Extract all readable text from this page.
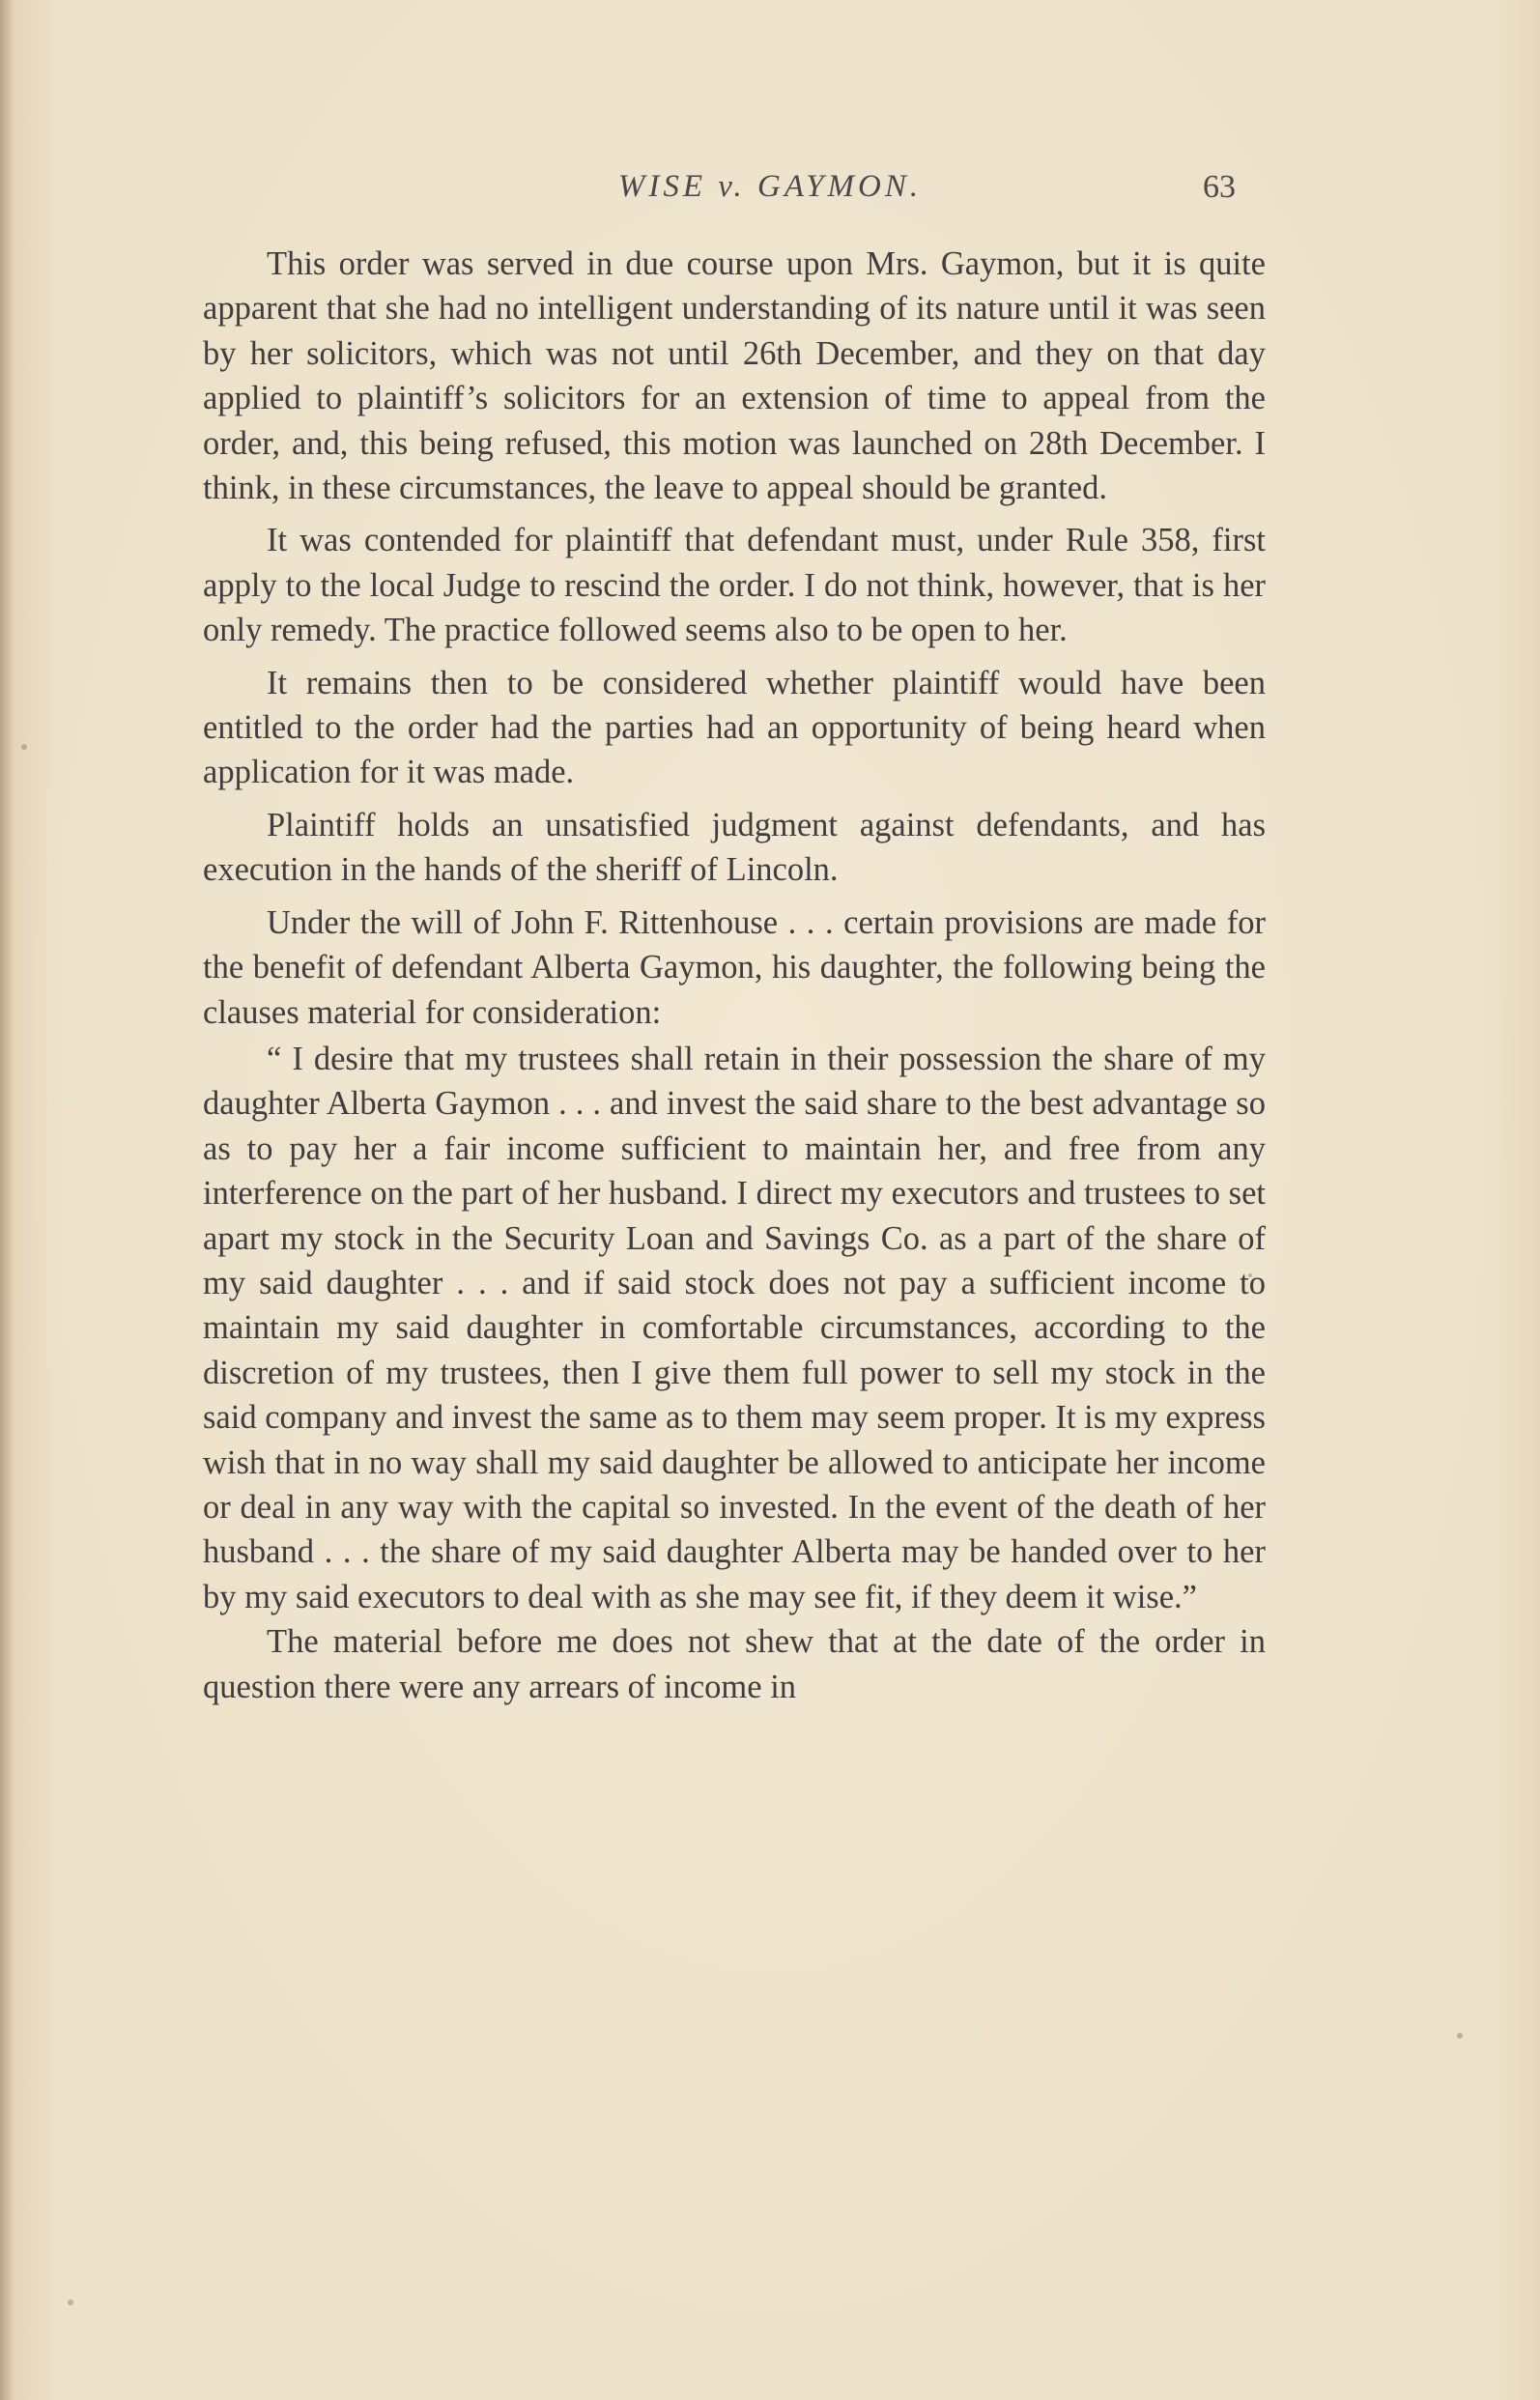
WISE v. GAYMON.	63

This order was served in due course upon Mrs. Gaymon, but it is quite apparent that she had no intelligent understanding of its nature until it was seen by her solicitors, which was not until 26th December, and they on that day applied to plaintiff’s solicitors for an extension of time to appeal from the order, and, this being refused, this motion was launched on 28th December. I think, in these circumstances, the leave to appeal should be granted.

It was contended for plaintiff that defendant must, under Rule 358, first apply to the local Judge to rescind the order. I do not think, however, that is her only remedy. The practice followed seems also to be open to her.

It remains then to be considered whether plaintiff would have been entitled to the order had the parties had an opportunity of being heard when application for it was made.

Plaintiff holds an unsatisfied judgment against defendants, and has execution in the hands of the sheriff of Lincoln.

Under the will of John F. Rittenhouse . . . certain provisions are made for the benefit of defendant Alberta Gaymon, his daughter, the following being the clauses material for consideration:

“ I desire that my trustees shall retain in their possession the share of my daughter Alberta Gaymon . . . and invest the said share to the best advantage so as to pay her a fair income sufficient to maintain her, and free from any interference on the part of her husband. I direct my executors and trustees to set apart my stock in the Security Loan and Savings Co. as a part of the share of my said daughter . . . and if said stock does not pay a sufficient income to maintain my said daughter in comfortable circumstances, according to the discretion of my trustees, then I give them full power to sell my stock in the said company and invest the same as to them may seem proper. It is my express wish that in no way shall my said daughter be allowed to anticipate her income or deal in any way with the capital so invested. In the event of the death of her husband . . . the share of my said daughter Alberta may be handed over to her by my said executors to deal with as she may see fit, if they deem it wise.”

The material before me does not shew that at the date of the order in question there were any arrears of income in
